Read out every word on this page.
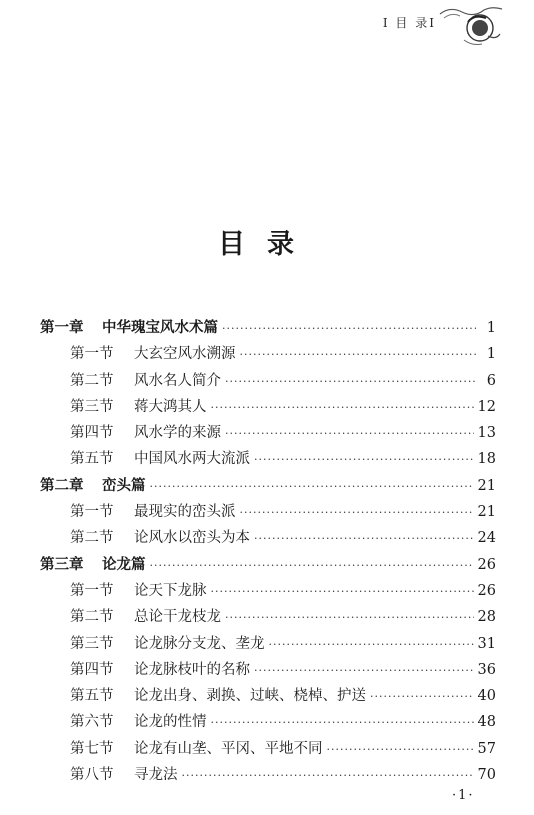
I 目 录I
目录
第一章	中华瑰宝风水术篇 ·····	1
第一节	大玄空风水溯源 ·····	1
第二节	风水名人简介 ·····	6
第三节	蒋大鸿其人 ·····	12
第四节	风水学的来源 ·····	13
第五节	中国风水两大流派 ·····	18
第二章	峦头篇 ·····	21
第一节	最现实的峦头派 ·····	21
第二节	论风水以峦头为本 ·····	24
第三章	论龙篇 ·····	26
第一节	论天下龙脉 ·····	26
第二节	总论干龙枝龙 ·····	28
第三节	论龙脉分支龙、垄龙 ·····	31
第四节	论龙脉枝叶的名称 ·····	36
第五节	论龙出身、剥换、过峡、桡棹、护送 ·····	40
第六节	论龙的性情 ·····	48
第七节	论龙有山垄、平冈、平地不同 ·····	57
第八节	寻龙法 ·····	70
·1·
